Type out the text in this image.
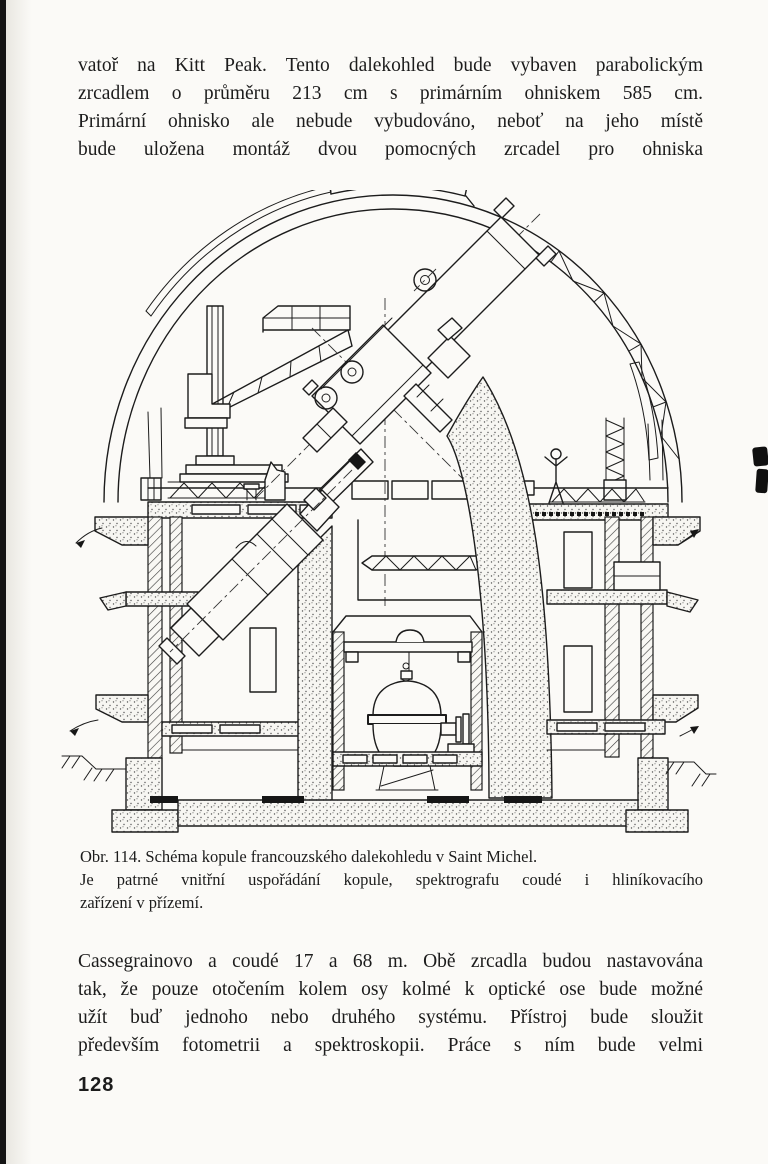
vatoř na Kitt Peak. Tento dalekohled bude vybaven parabolickým
zrcadlem o průměru 213 cm s primárním ohniskem 585 cm.
Primární ohnisko ale nebude vybudováno, neboť na jeho místě
bude uložena montáž dvou pomocných zrcadel pro ohniska
Obr. 114. Schéma kopule francouzského dalekohledu v Saint Michel.
Je patrné vnitřní uspořádání kopule, spektrografu coudé i hliníkovacího
zařízení v přízemí.
Cassegrainovo a coudé 17 a 68 m. Obě zrcadla budou nastavována
tak, že pouze otočením kolem osy kolmé k optické ose bude možné
užít buď jednoho nebo druhého systému. Přístroj bude sloužit
především fotometrii a spektroskopii. Práce s ním bude velmi
128
